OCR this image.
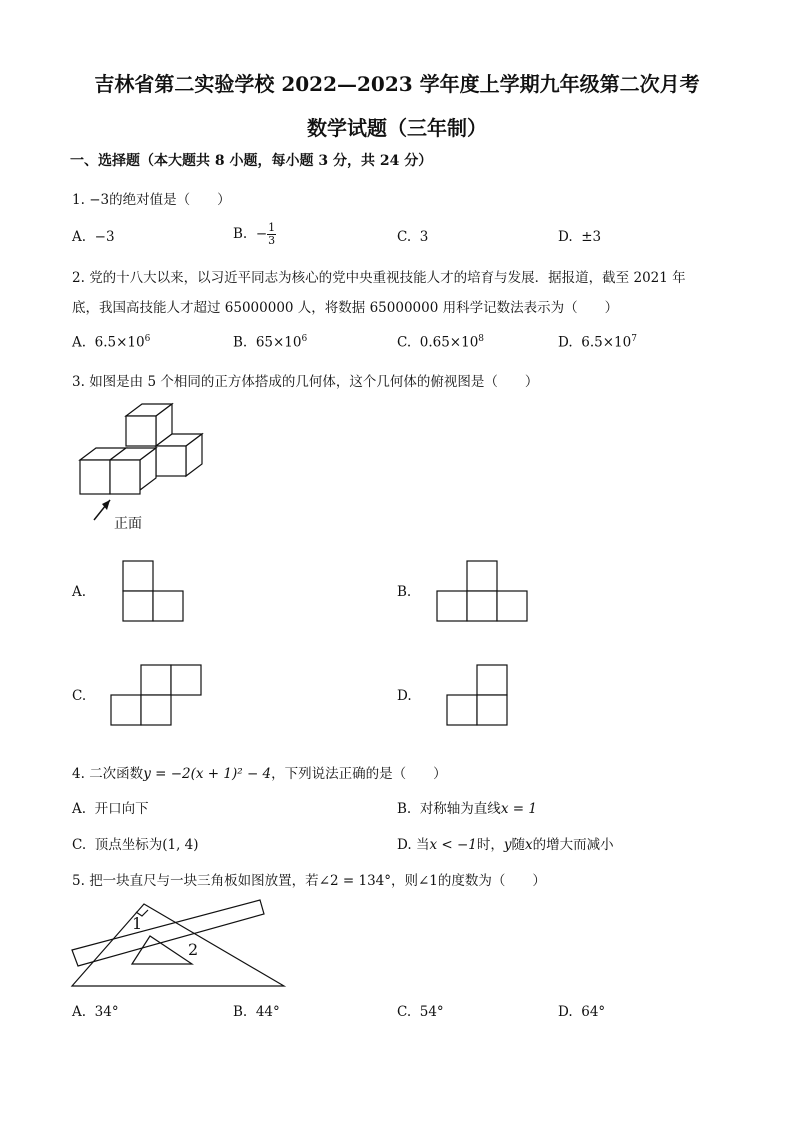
吉林省第二实验学校 2022—2023 学年度上学期九年级第二次月考
数学试题（三年制）
一、选择题（本大题共 8 小题，每小题 3 分，共 24 分）
1. −3的绝对值是（　　）
A. −3	B. − $\frac{1}{3}$	C. 3	D. ±3
2. 党的十八大以来，以习近平同志为核心的党中央重视技能人才的培育与发展．据报道，截至 2021 年
底，我国高技能人才超过 65000000 人，将数据 65000000 用科学记数法表示为（　　）
A. $6.5\times 10^6$	B. $65\times 10^6$	C. $0.65\times 10^8$	D. $6.5\times 10^7$
3. 如图是由 5 个相同的正方体搭成的几何体，这个几何体的俯视图是（　　）
正面
A.	B.
C.	D.
4. 二次函数y = −2(x + 1)² − 4，下列说法正确的是（　　）
A. 开口向下	B. 对称轴为直线x = 1
C. 顶点坐标为(1, 4)	D. 当x < −1时，y随x的增大而减小
5. 把一块直尺与一块三角板如图放置，若∠2 = 134°，则∠1的度数为（　　）
1
2
A. 34°	B. 44°	C. 54°	D. 64°
